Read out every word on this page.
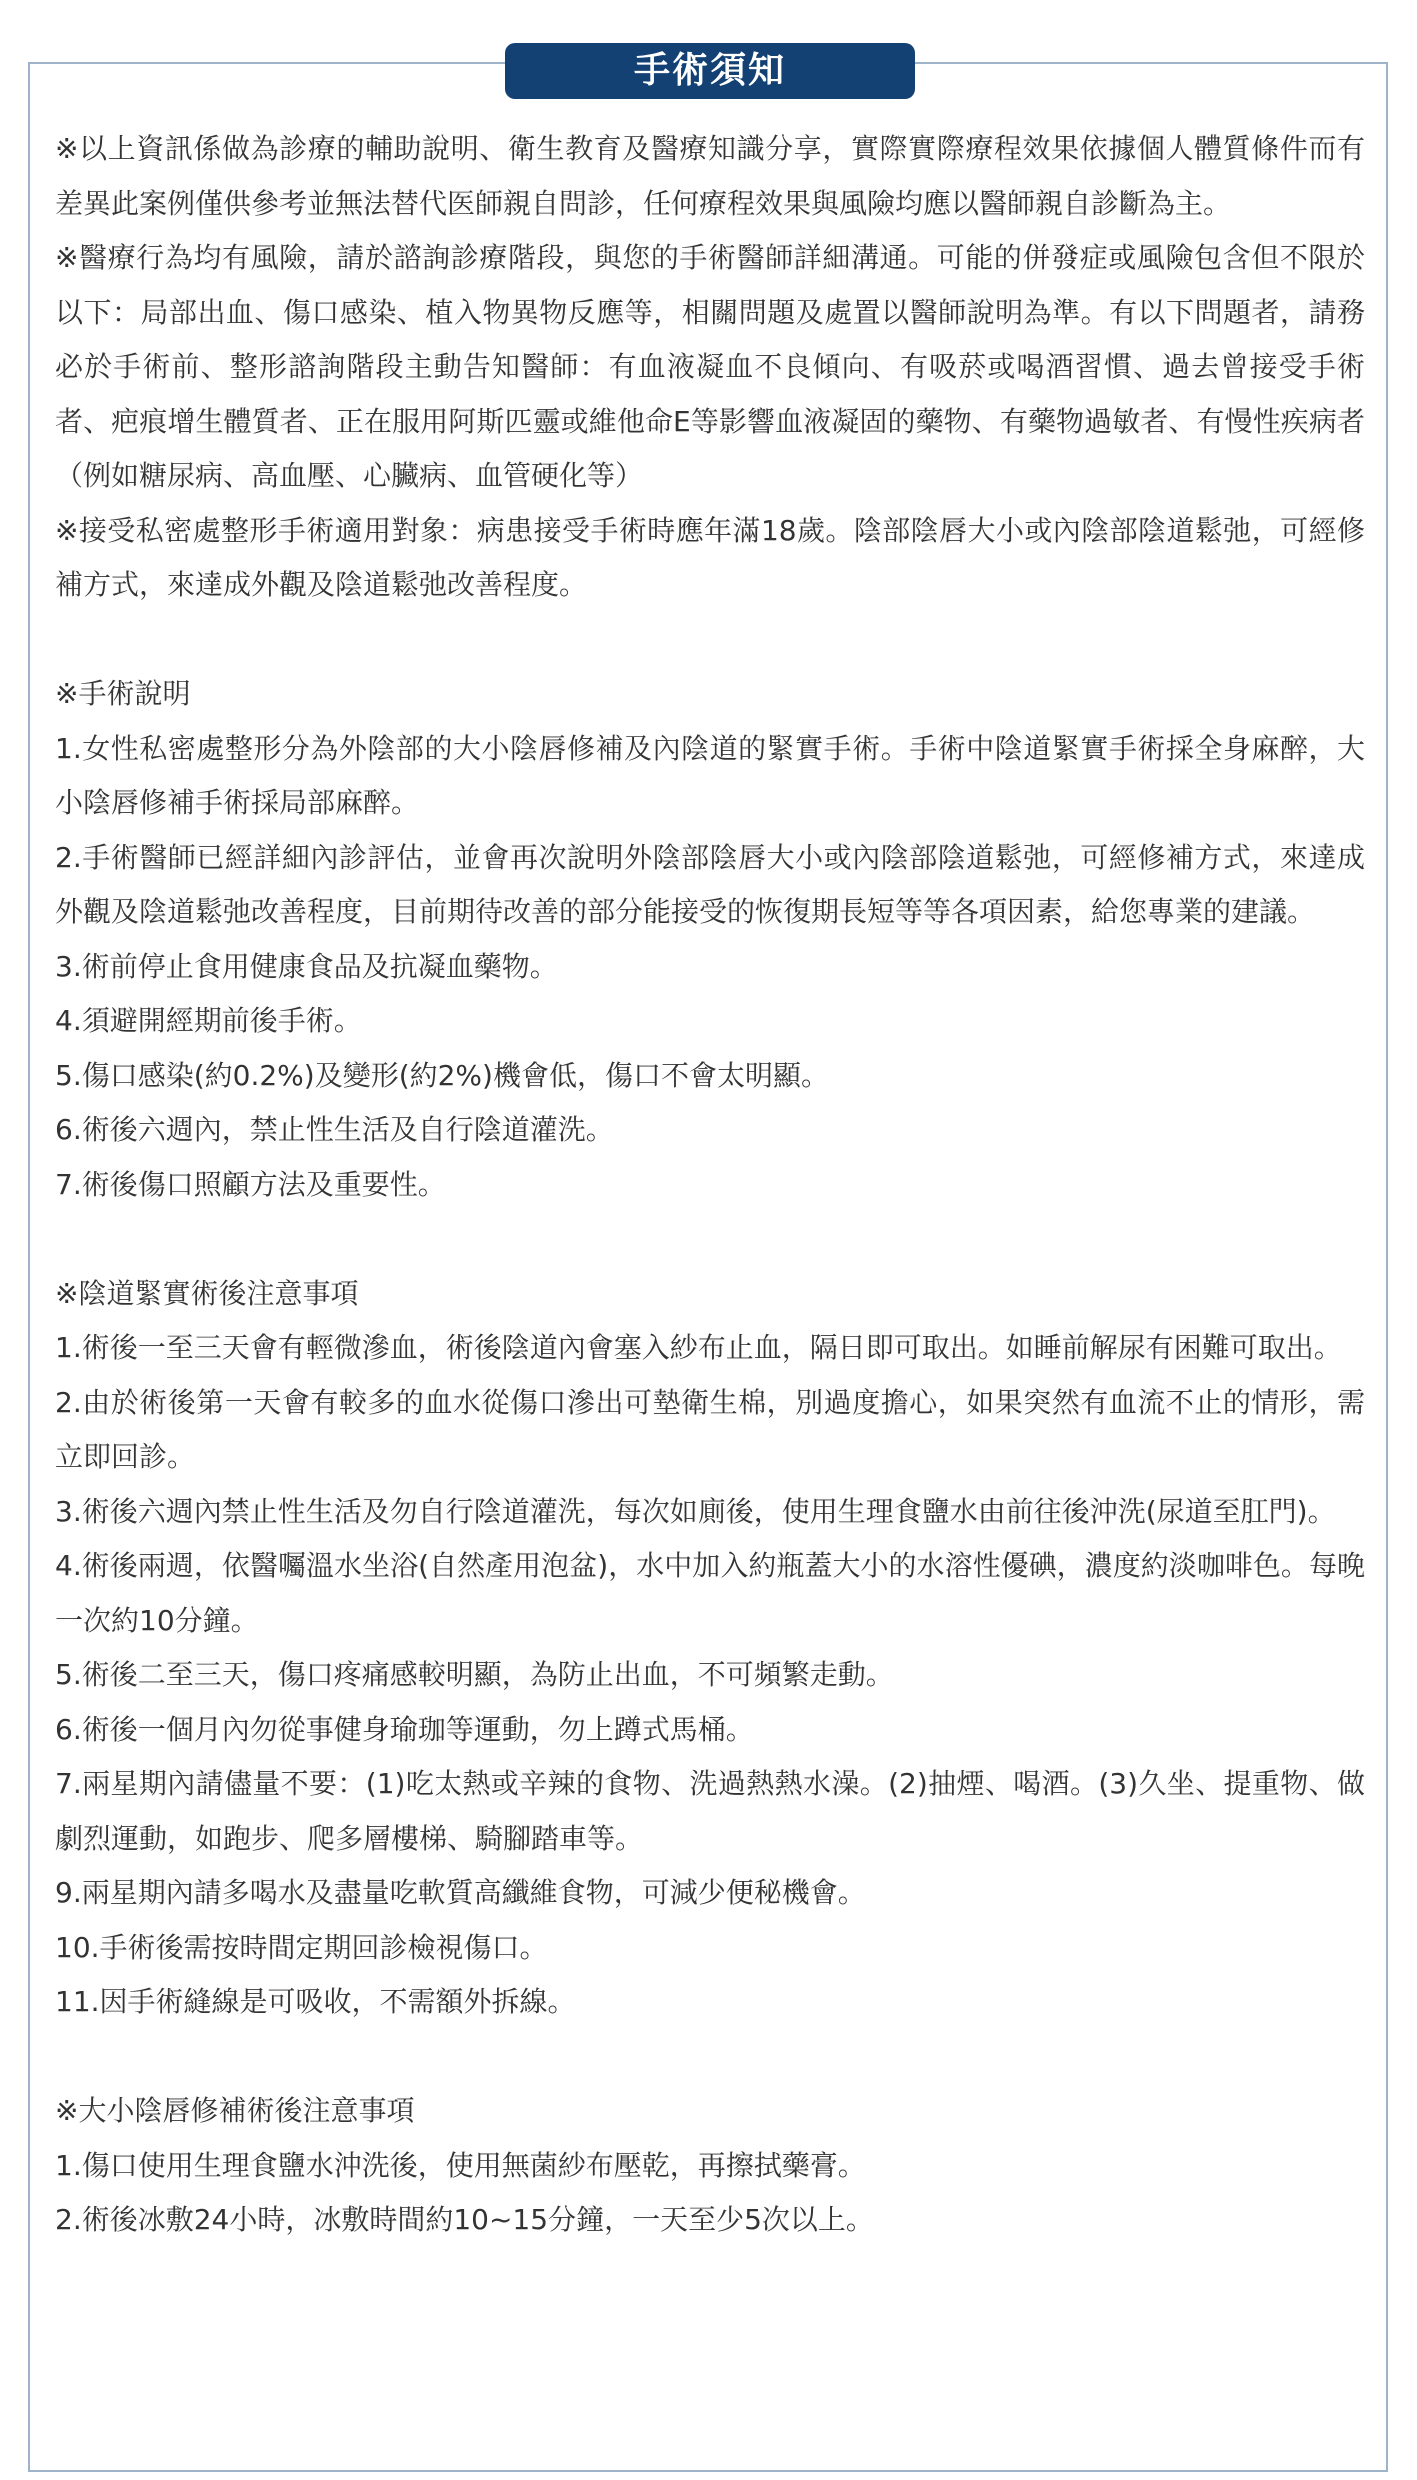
手術須知

※以上資訊係做為診療的輔助說明、衛生教育及醫療知識分享，實際實際療程效果依據個人體質條件而有差異此案例僅供參考並無法替代医師親自問診，任何療程效果與風險均應以醫師親自診斷為主。

※醫療行為均有風險，請於諮詢診療階段，與您的手術醫師詳細溝通。可能的併發症或風險包含但不限於以下：局部出血、傷口感染、植入物異物反應等，相關問題及處置以醫師說明為準。有以下問題者，請務必於手術前、整形諮詢階段主動告知醫師：有血液凝血不良傾向、有吸菸或喝酒習慣、過去曾接受手術者、疤痕增生體質者、正在服用阿斯匹靈或維他命E等影響血液凝固的藥物、有藥物過敏者、有慢性疾病者（例如糖尿病、高血壓、心臟病、血管硬化等）

※接受私密處整形手術適用對象：病患接受手術時應年滿18歲。陰部陰唇大小或內陰部陰道鬆弛，可經修補方式，來達成外觀及陰道鬆弛改善程度。

※手術說明

1.女性私密處整形分為外陰部的大小陰唇修補及內陰道的緊實手術。手術中陰道緊實手術採全身麻醉，大小陰唇修補手術採局部麻醉。

2.手術醫師已經詳細內診評估，並會再次說明外陰部陰唇大小或內陰部陰道鬆弛，可經修補方式，來達成外觀及陰道鬆弛改善程度，目前期待改善的部分能接受的恢復期長短等等各項因素，給您專業的建議。

3.術前停止食用健康食品及抗凝血藥物。

4.須避開經期前後手術。

5.傷口感染(約0.2%)及變形(約2%)機會低，傷口不會太明顯。

6.術後六週內，禁止性生活及自行陰道灌洗。

7.術後傷口照顧方法及重要性。

※陰道緊實術後注意事項

1.術後一至三天會有輕微滲血，術後陰道內會塞入紗布止血，隔日即可取出。如睡前解尿有困難可取出。

2.由於術後第一天會有較多的血水從傷口滲出可墊衛生棉，別過度擔心，如果突然有血流不止的情形，需立即回診。

3.術後六週內禁止性生活及勿自行陰道灌洗，每次如廁後，使用生理食鹽水由前往後沖洗(尿道至肛門)。

4.術後兩週，依醫囑溫水坐浴(自然產用泡盆)，水中加入約瓶蓋大小的水溶性優碘，濃度約淡咖啡色。每晚一次約10分鐘。

5.術後二至三天，傷口疼痛感較明顯，為防止出血，不可頻繁走動。

6.術後一個月內勿從事健身瑜珈等運動，勿上蹲式馬桶。

7.兩星期內請儘量不要：(1)吃太熱或辛辣的食物、洗過熱熱水澡。(2)抽煙、喝酒。(3)久坐、提重物、做劇烈運動，如跑步、爬多層樓梯、騎腳踏車等。

9.兩星期內請多喝水及盡量吃軟質高纖維食物，可減少便秘機會。

10.手術後需按時間定期回診檢視傷口。

11.因手術縫線是可吸收，不需額外拆線。

※大小陰唇修補術後注意事項

1.傷口使用生理食鹽水沖洗後，使用無菌紗布壓乾，再擦拭藥膏。

2.術後冰敷24小時，冰敷時間約10~15分鐘，一天至少5次以上。
